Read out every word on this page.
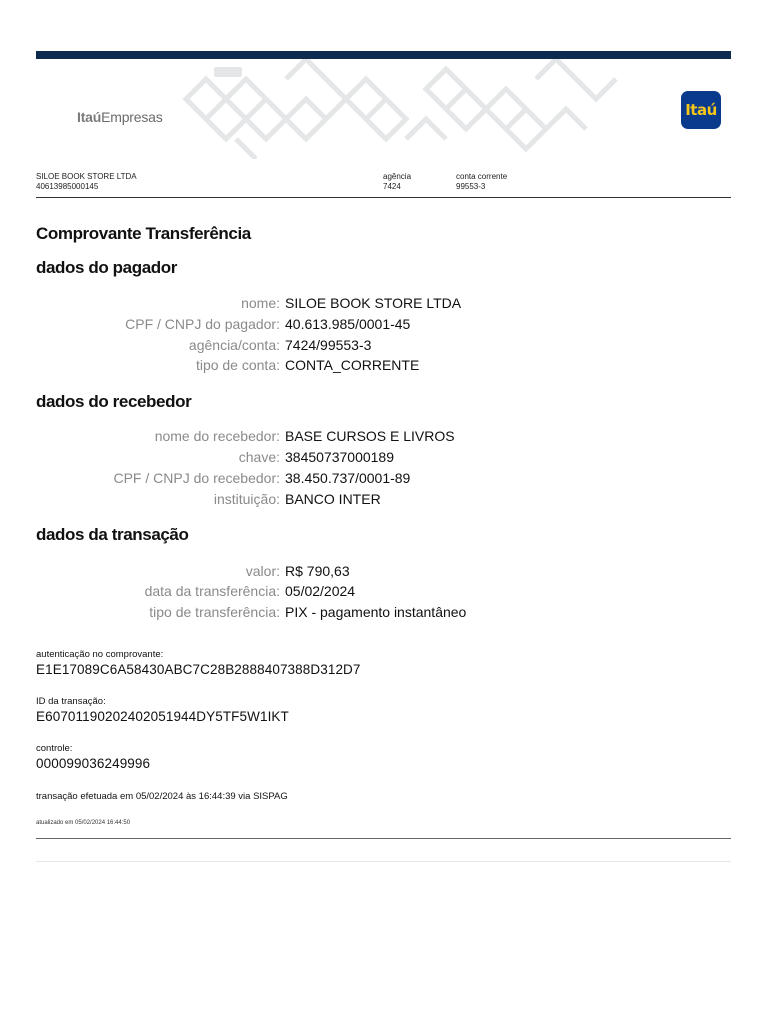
ItaúEmpresas	Itaú
SILOE BOOK STORE LTDA
40613985000145
agência
7424
conta corrente
99553-3
Comprovante Transferência
dados do pagador
nome: SILOE BOOK STORE LTDA
CPF / CNPJ do pagador: 40.613.985/0001-45
agência/conta: 7424/99553-3
tipo de conta: CONTA_CORRENTE
dados do recebedor
nome do recebedor: BASE CURSOS E LIVROS
chave: 38450737000189
CPF / CNPJ do recebedor: 38.450.737/0001-89
instituição: BANCO INTER
dados da transação
valor: R$ 790,63
data da transferência: 05/02/2024
tipo de transferência: PIX - pagamento instantâneo
autenticação no comprovante:
E1E17089C6A58430ABC7C28B2888407388D312D7
ID da transação:
E60701190202402051944DY5TF5W1IKT
controle:
000099036249996
transação efetuada em 05/02/2024 às 16:44:39 via SISPAG
atualizado em 05/02/2024 16:44:50
